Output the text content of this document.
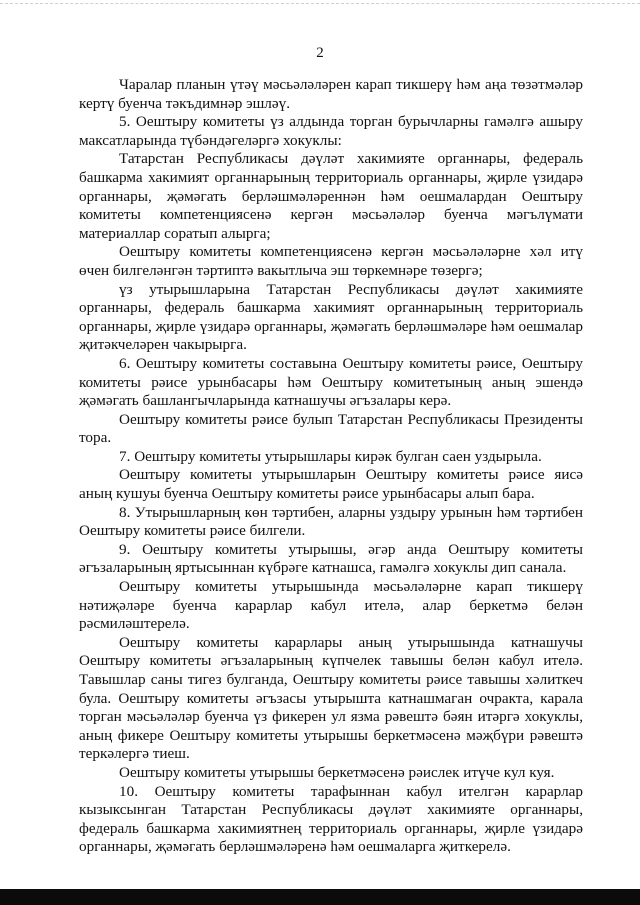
2

Чаралар планын үтәү мәсьәләләрен карап тикшерү һәм аңа төзәтмәләр кертү буенча тәкъдимнәр эшләү.

5. Оештыру комитеты үз алдында торган бурычларны гамәлгә ашыру максатларында түбәндәгеләргә хокуклы:

Татарстан Республикасы дәүләт хакимияте органнары, федераль башкарма хакимият органнарының территориаль органнары, җирле үзидарә органнары, җәмәгать берләшмәләреннән һәм оешмалардан Оештыру комитеты компетенциясенә кергән мәсьәләләр буенча мәгълүмати материаллар соратып алырга;

Оештыру комитеты компетенциясенә кергән мәсьәләләрне хәл итү өчен билгеләнгән тәртиптә вакытлыча эш төркемнәре төзергә;

үз утырышларына Татарстан Республикасы дәүләт хакимияте органнары, федераль башкарма хакимият органнарының территориаль органнары, җирле үзидарә органнары, җәмәгать берләшмәләре һәм оешмалар җитәкчеләрен чакырырга.

6. Оештыру комитеты составына Оештыру комитеты рәисе, Оештыру комитеты рәисе урынбасары һәм Оештыру комитетының аның эшендә җәмәгать башлангычларында катнашучы әгъзалары керә.

Оештыру комитеты рәисе булып Татарстан Республикасы Президенты тора.

7. Оештыру комитеты утырышлары кирәк булган саен уздырыла.

Оештыру комитеты утырышларын Оештыру комитеты рәисе яисә аның кушуы буенча Оештыру комитеты рәисе урынбасары алып бара.

8. Утырышларның көн тәртибен, аларны уздыру урынын һәм тәртибен Оештыру комитеты рәисе билгели.

9. Оештыру комитеты утырышы, әгәр анда Оештыру комитеты әгъзаларының яртысыннан күбрәге катнашса, гамәлгә хокуклы дип санала.

Оештыру комитеты утырышында мәсьәләләрне карап тикшерү нәтиҗәләре буенча карарлар кабул ителә, алар беркетмә белән рәсмиләштерелә.

Оештыру комитеты карарлары аның утырышында катнашучы Оештыру комитеты әгъзаларының күпчелек тавышы белән кабул ителә. Тавышлар саны тигез булганда, Оештыру комитеты рәисе тавышы хәлиткеч була. Оештыру комитеты әгъзасы утырышта катнашмаган очракта, карала торган мәсьәләләр буенча үз фикерен ул язма рәвештә бәян итәргә хокуклы, аның фикере Оештыру комитеты утырышы беркетмәсенә мәҗбүри рәвештә теркәлергә тиеш.

Оештыру комитеты утырышы беркетмәсенә рәислек итүче кул куя.

10. Оештыру комитеты тарафыннан кабул ителгән карарлар кызыксынган Татарстан Республикасы дәүләт хакимияте органнары, федераль башкарма хакимиятнең территориаль органнары, җирле үзидарә органнары, җәмәгать берләшмәләренә һәм оешмаларга җиткерелә.
